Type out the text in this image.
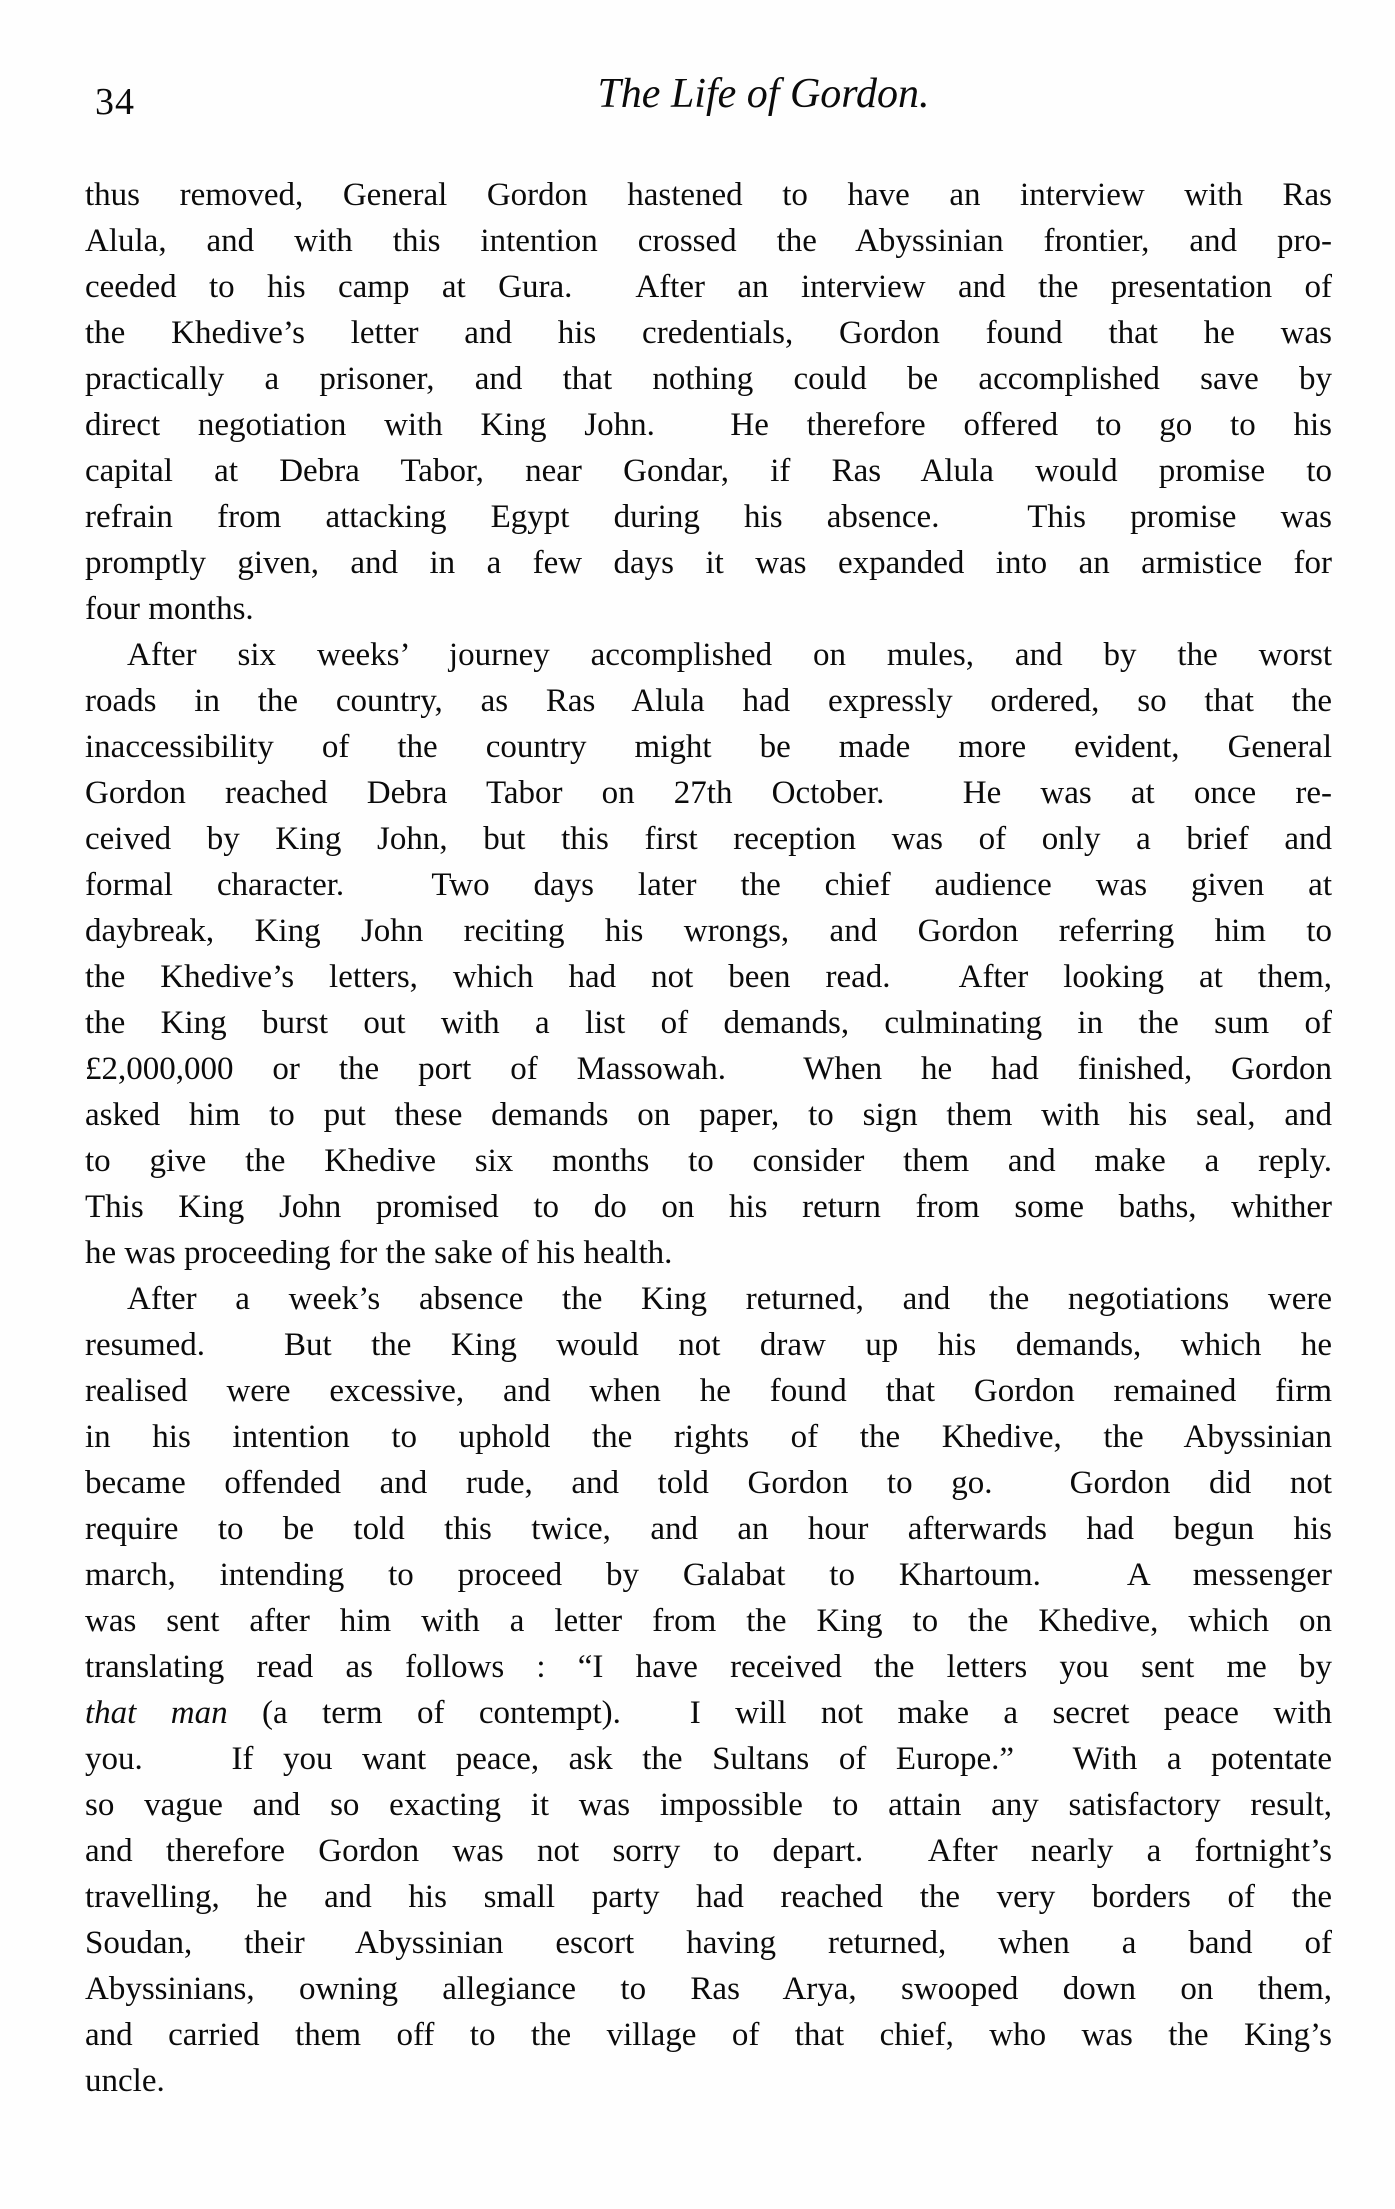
34	The Life of Gordon.

thus removed, General Gordon hastened to have an interview with Ras
Alula, and with this intention crossed the Abyssinian frontier, and pro-
ceeded to his camp at Gura.  After an interview and the presentation of
the Khedive’s letter and his credentials, Gordon found that he was
practically a prisoner, and that nothing could be accomplished save by
direct negotiation with King John.  He therefore offered to go to his
capital at Debra Tabor, near Gondar, if Ras Alula would promise to
refrain from attacking Egypt during his absence.  This promise was
promptly given, and in a few days it was expanded into an armistice for
four months.

After six weeks’ journey accomplished on mules, and by the worst
roads in the country, as Ras Alula had expressly ordered, so that the
inaccessibility of the country might be made more evident, General
Gordon reached Debra Tabor on 27th October.  He was at once re-
ceived by King John, but this first reception was of only a brief and
formal character.  Two days later the chief audience was given at
daybreak, King John reciting his wrongs, and Gordon referring him to
the Khedive’s letters, which had not been read.  After looking at them,
the King burst out with a list of demands, culminating in the sum of
£2,000,000 or the port of Massowah.  When he had finished, Gordon
asked him to put these demands on paper, to sign them with his seal, and
to give the Khedive six months to consider them and make a reply.
This King John promised to do on his return from some baths, whither
he was proceeding for the sake of his health.

After a week’s absence the King returned, and the negotiations were
resumed.  But the King would not draw up his demands, which he
realised were excessive, and when he found that Gordon remained firm
in his intention to uphold the rights of the Khedive, the Abyssinian
became offended and rude, and told Gordon to go.  Gordon did not
require to be told this twice, and an hour afterwards had begun his
march, intending to proceed by Galabat to Khartoum.  A messenger
was sent after him with a letter from the King to the Khedive, which on
translating read as follows : “I have received the letters you sent me by
that man (a term of contempt).  I will not make a secret peace with
you.   If you want peace, ask the Sultans of Europe.”  With a potentate
so vague and so exacting it was impossible to attain any satisfactory result,
and therefore Gordon was not sorry to depart.  After nearly a fortnight’s
travelling, he and his small party had reached the very borders of the
Soudan, their Abyssinian escort having returned, when a band of
Abyssinians, owning allegiance to Ras Arya, swooped down on them,
and carried them off to the village of that chief, who was the King’s
uncle.
